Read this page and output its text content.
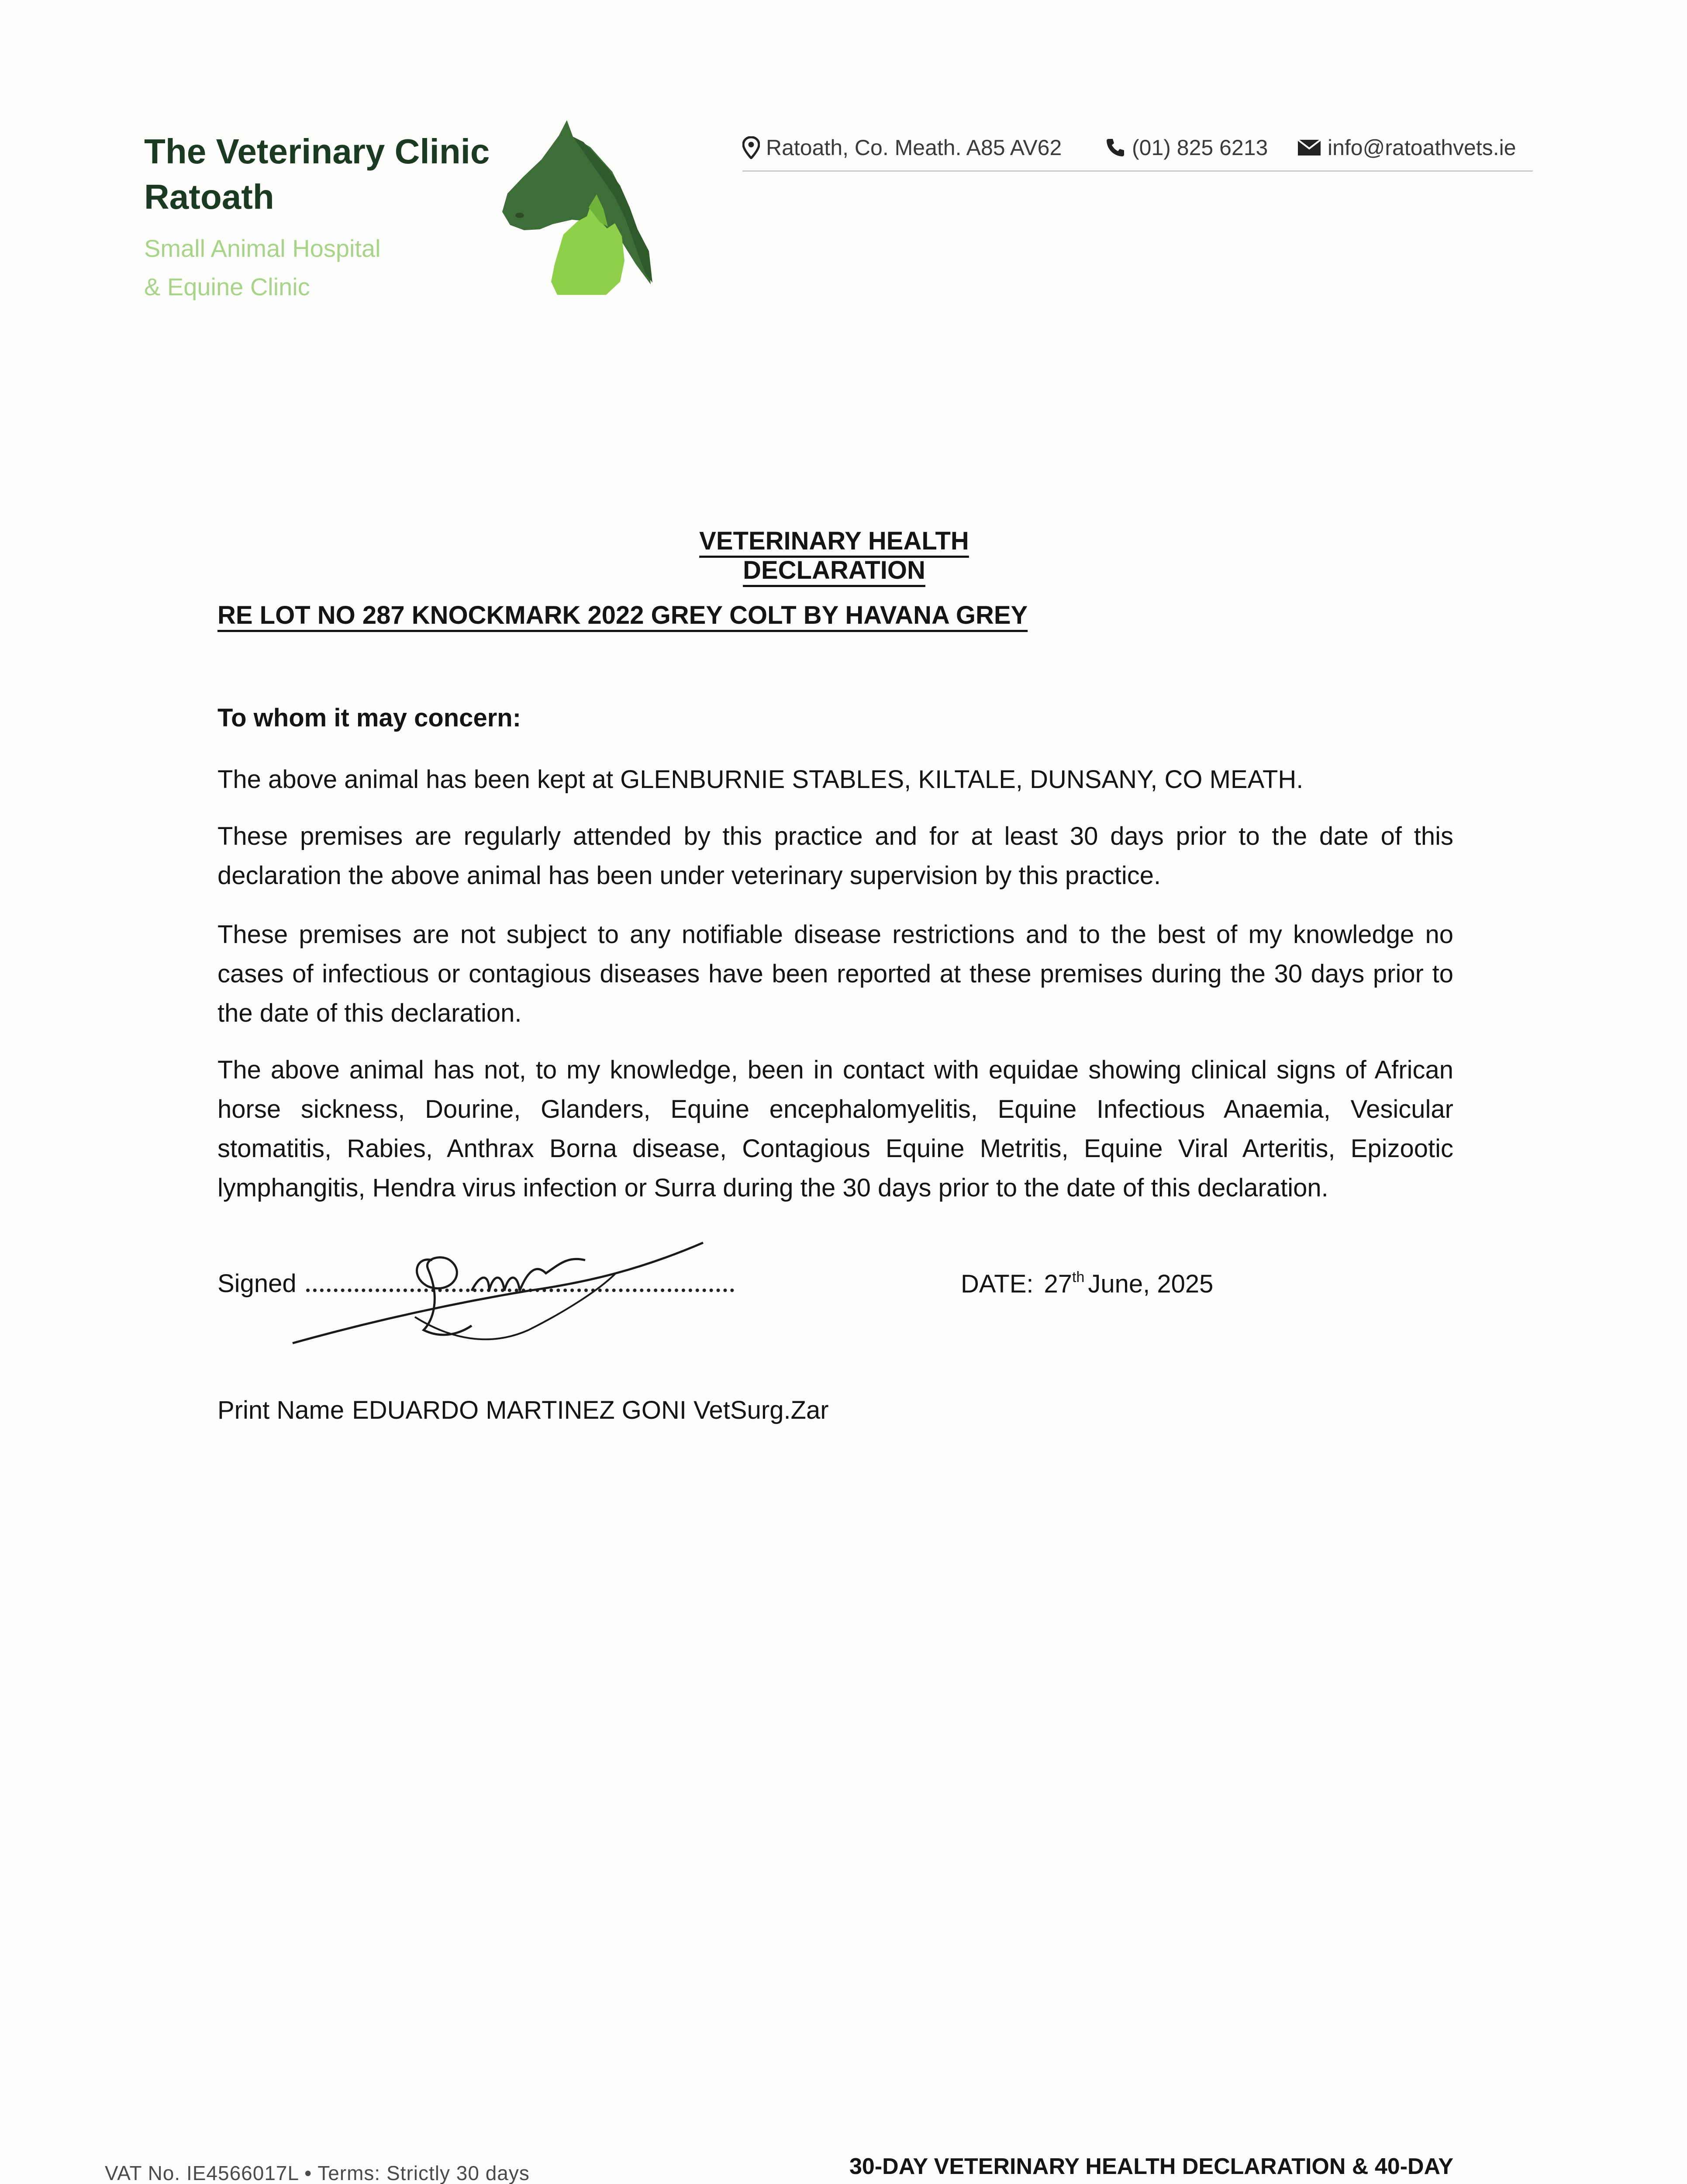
The Veterinary Clinic
Ratoath
Small Animal Hospital
& Equine Clinic
Ratoath, Co. Meath. A85 AV62	(01) 825 6213	info@ratoathvets.ie
VETERINARY HEALTH DECLARATION
RE LOT NO 287 KNOCKMARK 2022 GREY COLT BY HAVANA GREY
To whom it may concern:
The above animal has been kept at GLENBURNIE STABLES, KILTALE, DUNSANY, CO MEATH.
These premises are regularly attended by this practice and for at least 30 days prior to the date of this declaration the above animal has been under veterinary supervision by this practice.
These premises are not subject to any notifiable disease restrictions and to the best of my knowledge no cases of infectious or contagious diseases have been reported at these premises during the 30 days prior to the date of this declaration.
The above animal has not, to my knowledge, been in contact with equidae showing clinical signs of African horse sickness, Dourine, Glanders, Equine encephalomyelitis, Equine Infectious Anaemia, Vesicular stomatitis, Rabies, Anthrax Borna disease, Contagious Equine Metritis, Equine Viral Arteritis, Epizootic lymphangitis, Hendra virus infection or Surra during the 30 days prior to the date of this declaration.
Signed	DATE: 27th June, 2025
Print Name EDUARDO MARTINEZ GONI VetSurg.Zar
VAT No. IE4566017L • Terms: Strictly 30 days	30-DAY VETERINARY HEALTH DECLARATION & 40-DAY
